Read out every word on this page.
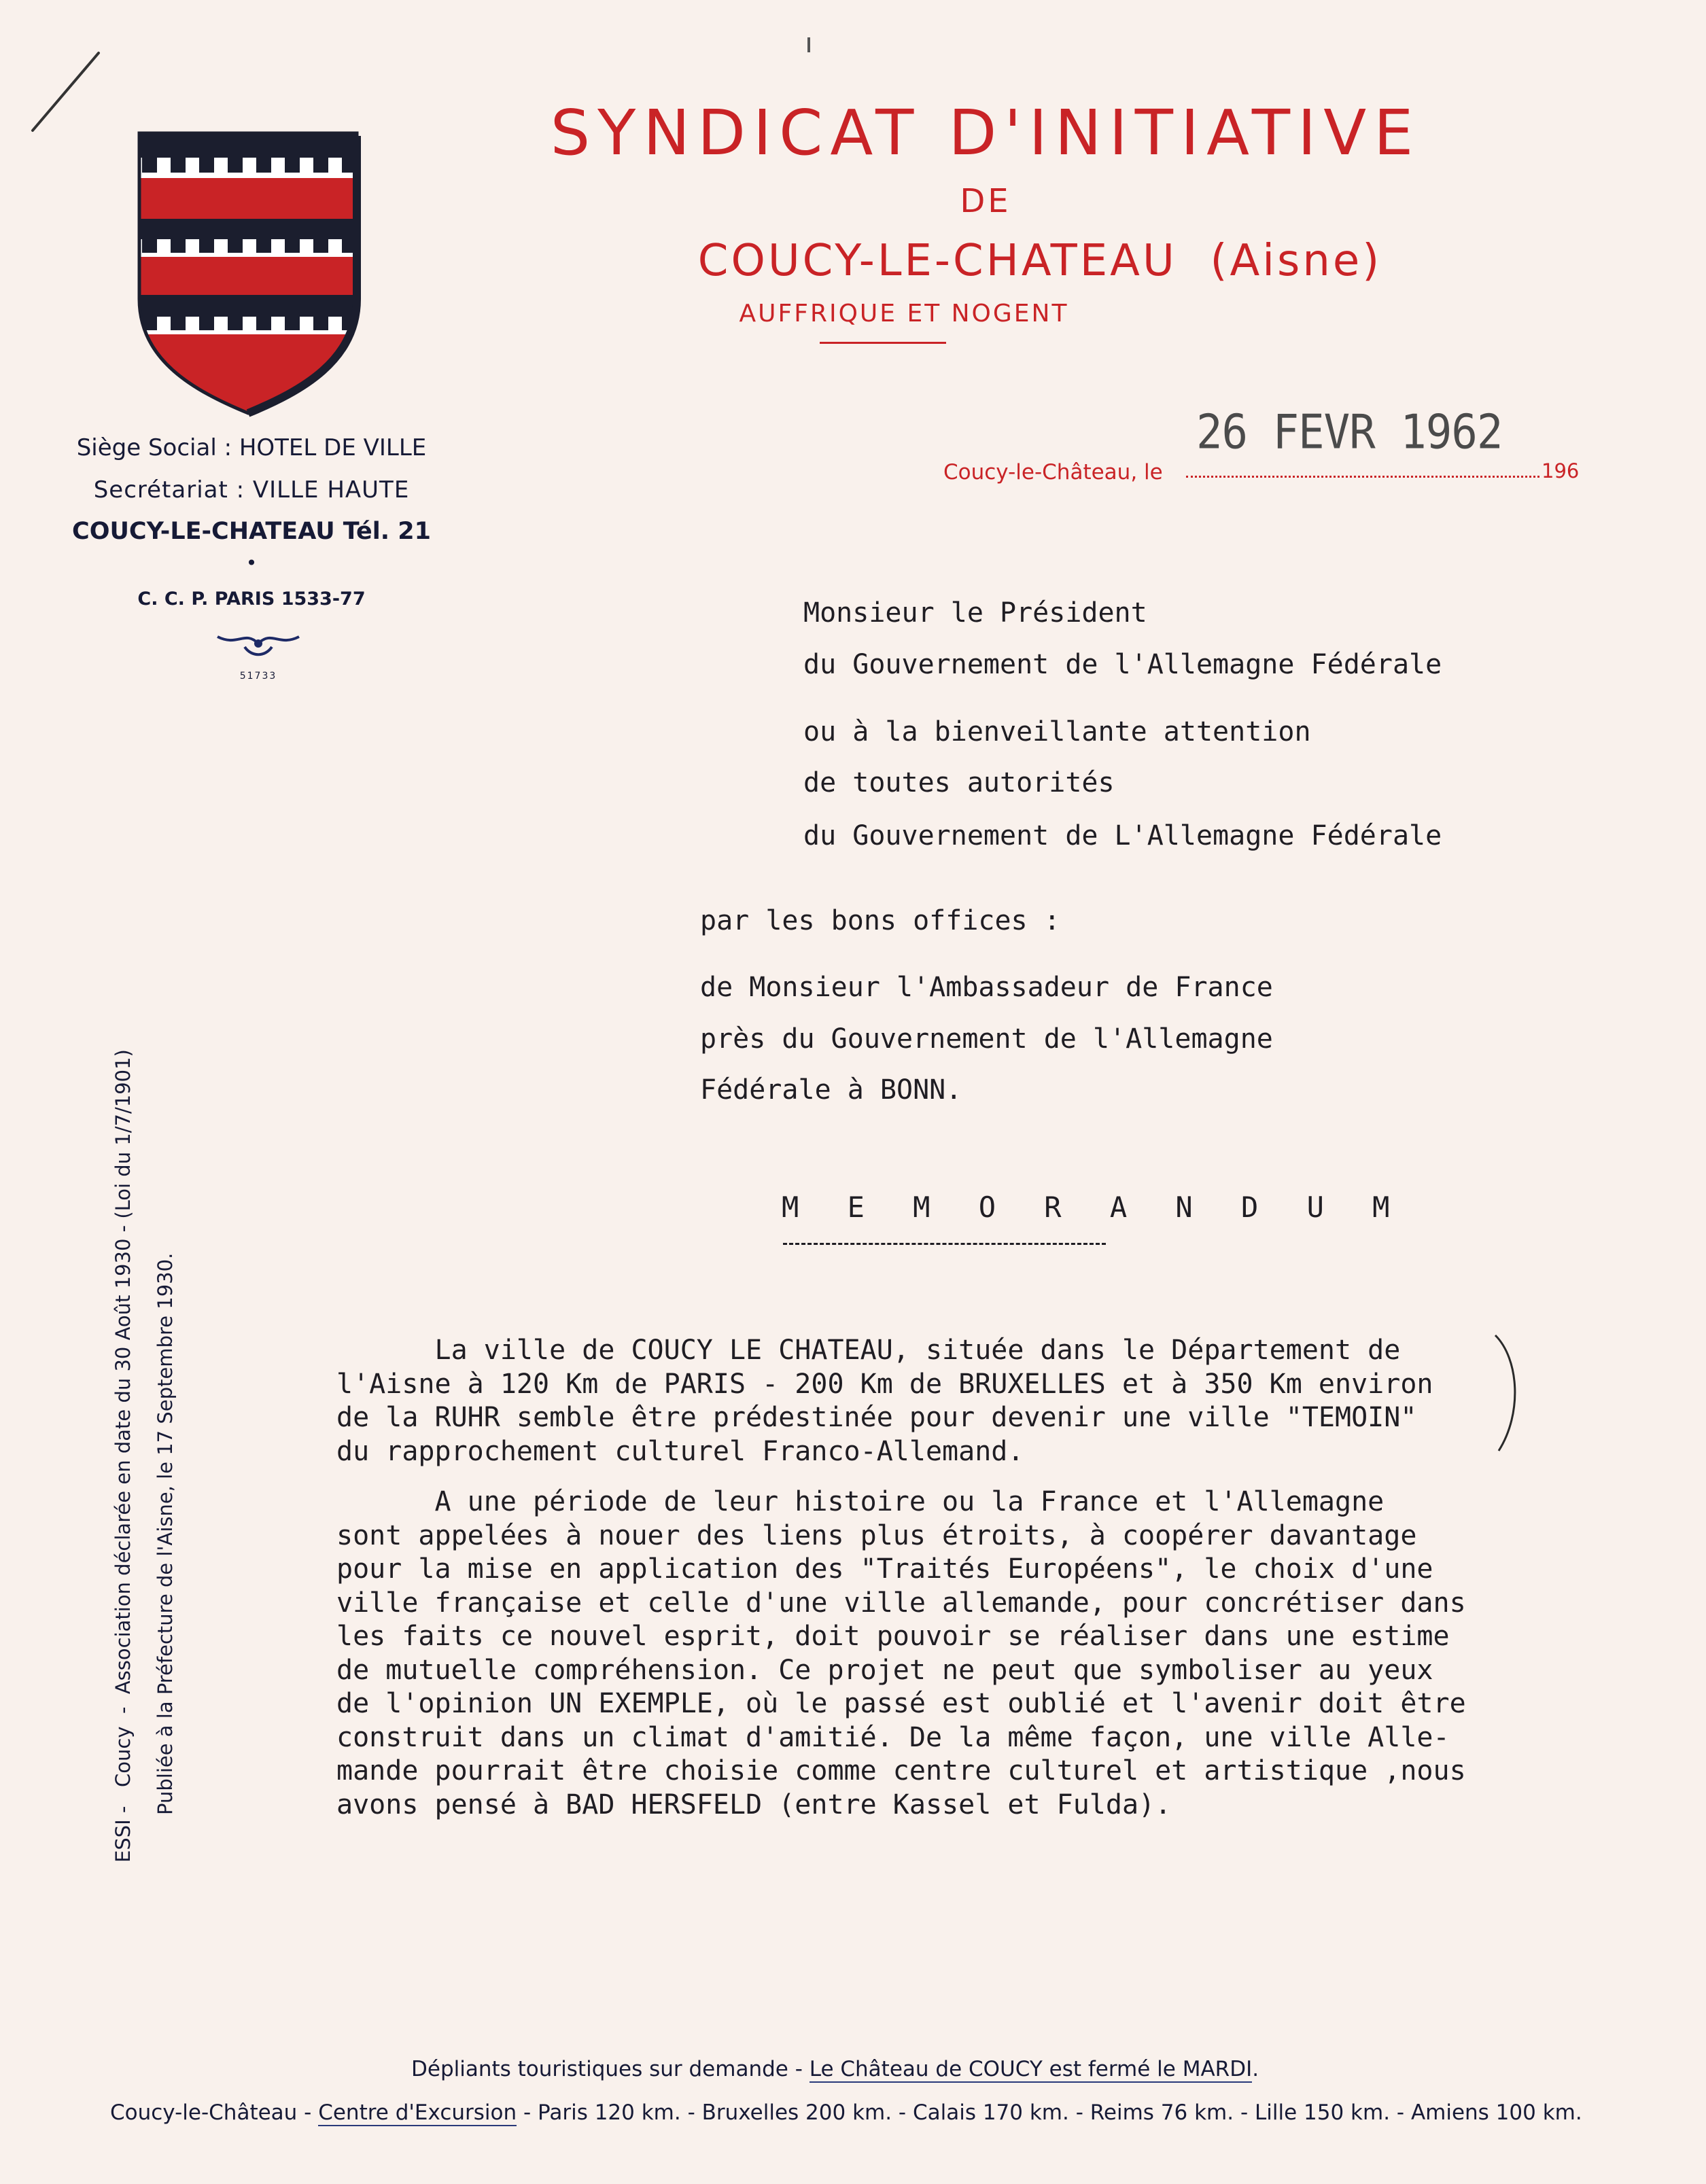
SYNDICAT D'INITIATIVE
DE
COUCY-LE-CHATEAU  (Aisne)
AUFFRIQUE ET NOGENT
Siège Social : HOTEL DE VILLE
Secrétariat : VILLE HAUTE
COUCY-LE-CHATEAU Tél. 21
•
C. C. P. PARIS 1533-77
51733
ESSI -   Coucy  -  Association déclarée en date du 30 Août 1930 - (Loi du 1/7/1901) Publiée à la Préfecture de l'Aisne, le 17 Septembre 1930.
26 FEVR 1962
Coucy-le-Château, le	196
Monsieur le Président
du Gouvernement de l'Allemagne Fédérale
ou à la bienveillante attention
de toutes autorités
du Gouvernement de L'Allemagne Fédérale
par les bons offices :
de Monsieur l'Ambassadeur de France
près du Gouvernement de l'Allemagne
Fédérale à BONN.
M E M O R A N D U M
La ville de COUCY LE CHATEAU, située dans le Département de
l'Aisne à 120 Km de PARIS - 200 Km de BRUXELLES et à 350 Km environ
de la RUHR semble être prédestinée pour devenir une ville "TEMOIN"
du rapprochement culturel Franco-Allemand.
A une période de leur histoire ou la France et l'Allemagne
sont appelées à nouer des liens plus étroits, à coopérer davantage
pour la mise en application des "Traités Européens", le choix d'une
ville française et celle d'une ville allemande, pour concrétiser dans
les faits ce nouvel esprit, doit pouvoir se réaliser dans une estime
de mutuelle compréhension. Ce projet ne peut que symboliser au yeux
de l'opinion UN EXEMPLE, où le passé est oublié et l'avenir doit être
construit dans un climat d'amitié. De la même façon, une ville Alle-
mande pourrait être choisie comme centre culturel et artistique ,nous
avons pensé à BAD HERSFELD (entre Kassel et Fulda).
Dépliants touristiques sur demande - Le Château de COUCY est fermé le MARDI.
Coucy-le-Château - Centre d'Excursion - Paris 120 km. - Bruxelles 200 km. - Calais 170 km. - Reims 76 km. - Lille 150 km. - Amiens 100 km.
